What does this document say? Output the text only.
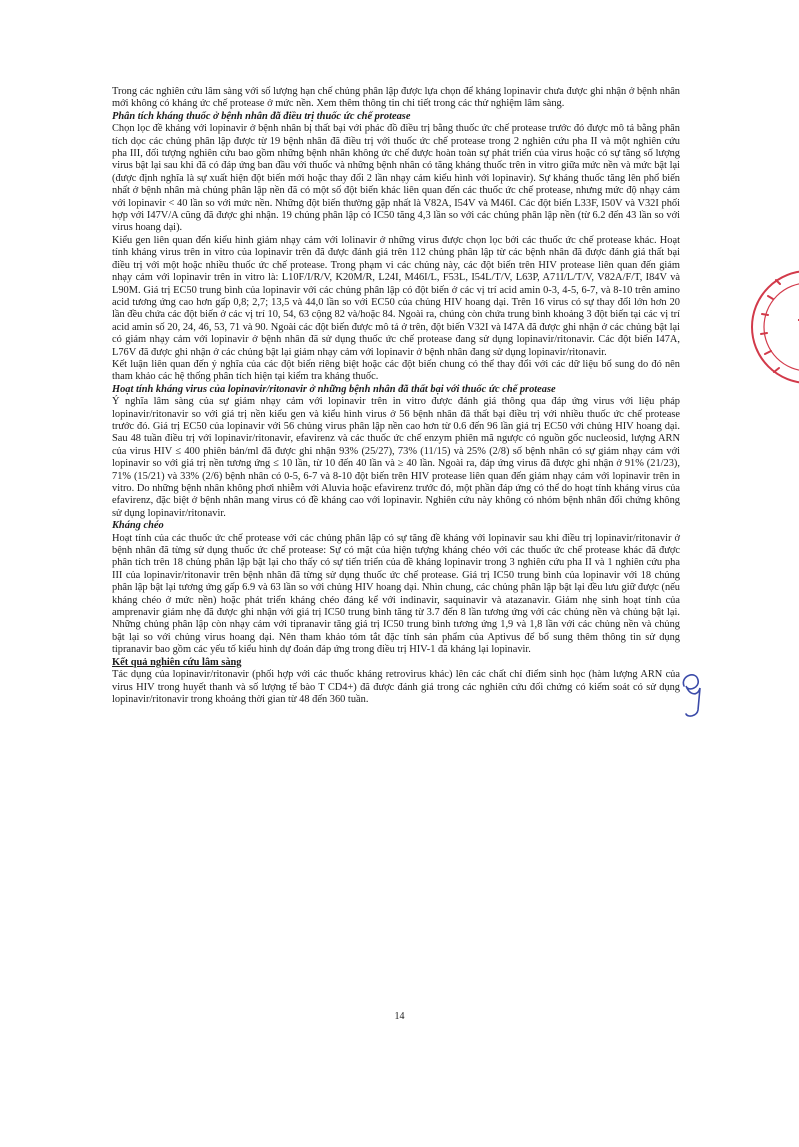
Trong các nghiên cứu lâm sàng với số lượng hạn chế chủng phân lập được lựa chọn để kháng lopinavir chưa được ghi nhận ở bệnh nhân mới không có kháng ức chế protease ở mức nền. Xem thêm thông tin chi tiết trong các thử nghiệm lâm sàng.

Phân tích kháng thuốc ở bệnh nhân đã điều trị thuốc ức chế protease

Chọn lọc đề kháng với lopinavir ở bệnh nhân bị thất bại với phác đồ điều trị bằng thuốc ức chế protease trước đó được mô tả bằng phân tích dọc các chủng phân lập được từ 19 bệnh nhân đã điều trị với thuốc ức chế protease trong 2 nghiên cứu pha II và một nghiên cứu pha III, đối tượng nghiên cứu bao gồm những bệnh nhân không ức chế được hoàn toàn sự phát triển của virus hoặc có sự tăng số lượng virus bật lại sau khi đã có đáp ứng ban đầu với thuốc và những bệnh nhân có tăng kháng thuốc trên in vitro giữa mức nền và mức bật lại (được định nghĩa là sự xuất hiện đột biến mới hoặc thay đổi 2 lần nhạy cảm kiểu hình với lopinavir). Sự kháng thuốc tăng lên phổ biến nhất ở bệnh nhân mà chủng phân lập nền đã có một số đột biến khác liên quan đến các thuốc ức chế protease, nhưng mức độ nhạy cảm với lopinavir < 40 lần so với mức nền. Những đột biến thường gặp nhất là V82A, I54V và M46I. Các đột biến L33F, I50V và V32I phối hợp với I47V/A cũng đã được ghi nhận. 19 chủng phân lập có IC50 tăng 4,3 lần so với các chủng phân lập nền (từ 6.2 đến 43 lần so với virus hoang dại).

Kiểu gen liên quan đến kiểu hình giảm nhạy cảm với lolinavir ở những virus được chọn lọc bởi các thuốc ức chế protease khác. Hoạt tính kháng virus trên in vitro của lopinavir trên đã được đánh giá trên 112 chủng phân lập từ các bệnh nhân đã được đánh giá thất bại điều trị với một hoặc nhiều thuốc ức chế protease. Trong phạm vi các chủng này, các đột biến trên HIV protease liên quan đến giảm nhạy cảm với lopinavir trên in vitro là: L10F/I/R/V, K20M/R, L24I, M46I/L, F53L, I54L/T/V, L63P, A71I/L/T/V, V82A/F/T, I84V và L90M. Giá trị EC50 trung bình của lopinavir với các chủng phân lập có đột biến ở các vị trí acid amin 0-3, 4-5, 6-7, và 8-10 trên amino acid tương ứng cao hơn gấp 0,8; 2,7; 13,5 và 44,0 lần so với EC50 của chủng HIV hoang dại. Trên 16 virus có sự thay đổi lớn hơn 20 lần đều chứa các đột biến ở các vị trí 10, 54, 63 cộng 82 và/hoặc 84. Ngoài ra, chúng còn chứa trung bình khoảng 3 đột biến tại các vị trí acid amin số 20, 24, 46, 53, 71 và 90. Ngoài các đột biến được mô tả ở trên, đột biến V32I và I47A đã được ghi nhận ở các chủng bật lại có giảm nhạy cảm với lopinavir ở bệnh nhân đã sử dụng thuốc ức chế protease đang sử dụng lopinavir/ritonavir. Các đột biến I47A, L76V đã được ghi nhận ở các chủng bật lại giảm nhạy cảm với lopinavir ở bệnh nhân đang sử dụng lopinavir/ritonavir.

Kết luận liên quan đến ý nghĩa của các đột biến riêng biệt hoặc các đột biến chung có thể thay đổi với các dữ liệu bổ sung do đó nên tham khảo các hệ thống phân tích hiện tại kiểm tra kháng thuốc.

Hoạt tính kháng virus của lopinavir/ritonavir ở những bệnh nhân đã thất bại với thuốc ức chế protease

Ý nghĩa lâm sàng của sự giảm nhạy cảm với lopinavir trên in vitro được đánh giá thông qua đáp ứng virus với liệu pháp lopinavir/ritonavir so với giá trị nền kiểu gen và kiểu hình virus ở 56 bệnh nhân đã thất bại điều trị với nhiều thuốc ức chế protease trước đó. Giá trị EC50 của lopinavir với 56 chủng virus phân lập nền cao hơn từ 0.6 đến 96 lần giá trị EC50 với chủng HIV hoang dại. Sau 48 tuần điều trị với lopinavir/ritonavir, efavirenz và các thuốc ức chế enzym phiên mã ngược có nguồn gốc nucleosid, lượng ARN của virus HIV ≤ 400 phiên bản/ml đã được ghi nhận 93% (25/27), 73% (11/15) và 25% (2/8) số bệnh nhân có sự giảm nhạy cảm với lopinavir so với giá trị nền tương ứng ≤ 10 lần, từ 10 đến 40 lần và ≥ 40 lần. Ngoài ra, đáp ứng virus đã được ghi nhận ở 91% (21/23), 71% (15/21) và 33% (2/6) bệnh nhân có 0-5, 6-7 và 8-10 đột biến trên HIV protease liên quan đến giảm nhạy cảm với lopinavir trên in vitro. Do những bệnh nhân không phơi nhiễm với Aluvia hoặc efavirenz trước đó, một phần đáp ứng có thể do hoạt tính kháng virus của efavirenz, đặc biệt ở bệnh nhân mang virus có đề kháng cao với lopinavir. Nghiên cứu này không có nhóm bệnh nhân đối chứng không sử dụng lopinavir/ritonavir.

Kháng chéo

Hoạt tính của các thuốc ức chế protease với các chủng phân lập có sự tăng đề kháng với lopinavir sau khi điều trị lopinavir/ritonavir ở bệnh nhân đã từng sử dụng thuốc ức chế protease: Sự có mặt của hiện tượng kháng chéo với các thuốc ức chế protease khác đã được phân tích trên 18 chủng phân lập bật lại cho thấy có sự tiến triển của đề kháng lopinavir trong 3 nghiên cứu pha II và 1 nghiên cứu pha III của lopinavir/ritonavir trên bệnh nhân đã từng sử dụng thuốc ức chế protease. Giá trị IC50 trung bình của lopinavir với 18 chủng phân lập bật lại tương ứng gấp 6.9 và 63 lần so với chủng HIV hoang dại. Nhìn chung, các chủng phân lập bật lại đều lưu giữ được (nếu kháng chéo ở mức nền) hoặc phát triển kháng chéo đáng kể với indinavir, saquinavir và atazanavir. Giảm nhẹ sinh hoạt tính của amprenavir giảm nhẹ đã được ghi nhận với giá trị IC50 trung bình tăng từ 3.7 đến 8 lần tương ứng với các chủng nền và chủng bật lại. Những chủng phân lập còn nhạy cảm với tipranavir tăng giá trị IC50 trung bình tương ứng 1,9 và 1,8 lần với các chủng nền và chủng bật lại so với chủng virus hoang dại. Nên tham khảo tóm tắt đặc tính sản phẩm của Aptivus để bổ sung thêm thông tin sử dụng tipranavir bao gồm các yếu tố kiểu hình dự đoán đáp ứng trong điều trị HIV-1 đã kháng lại lopinavir.

Kết quả nghiên cứu lâm sàng

Tác dụng của lopinavir/ritonavir (phối hợp với các thuốc kháng retrovirus khác) lên các chất chỉ điểm sinh học (hàm lượng ARN của virus HIV trong huyết thanh và số lượng tế bào T CD4+) đã được đánh giá trong các nghiên cứu đối chứng có kiểm soát có sử dụng lopinavir/ritonavir trong khoảng thời gian từ 48 đến 360 tuần.

14
